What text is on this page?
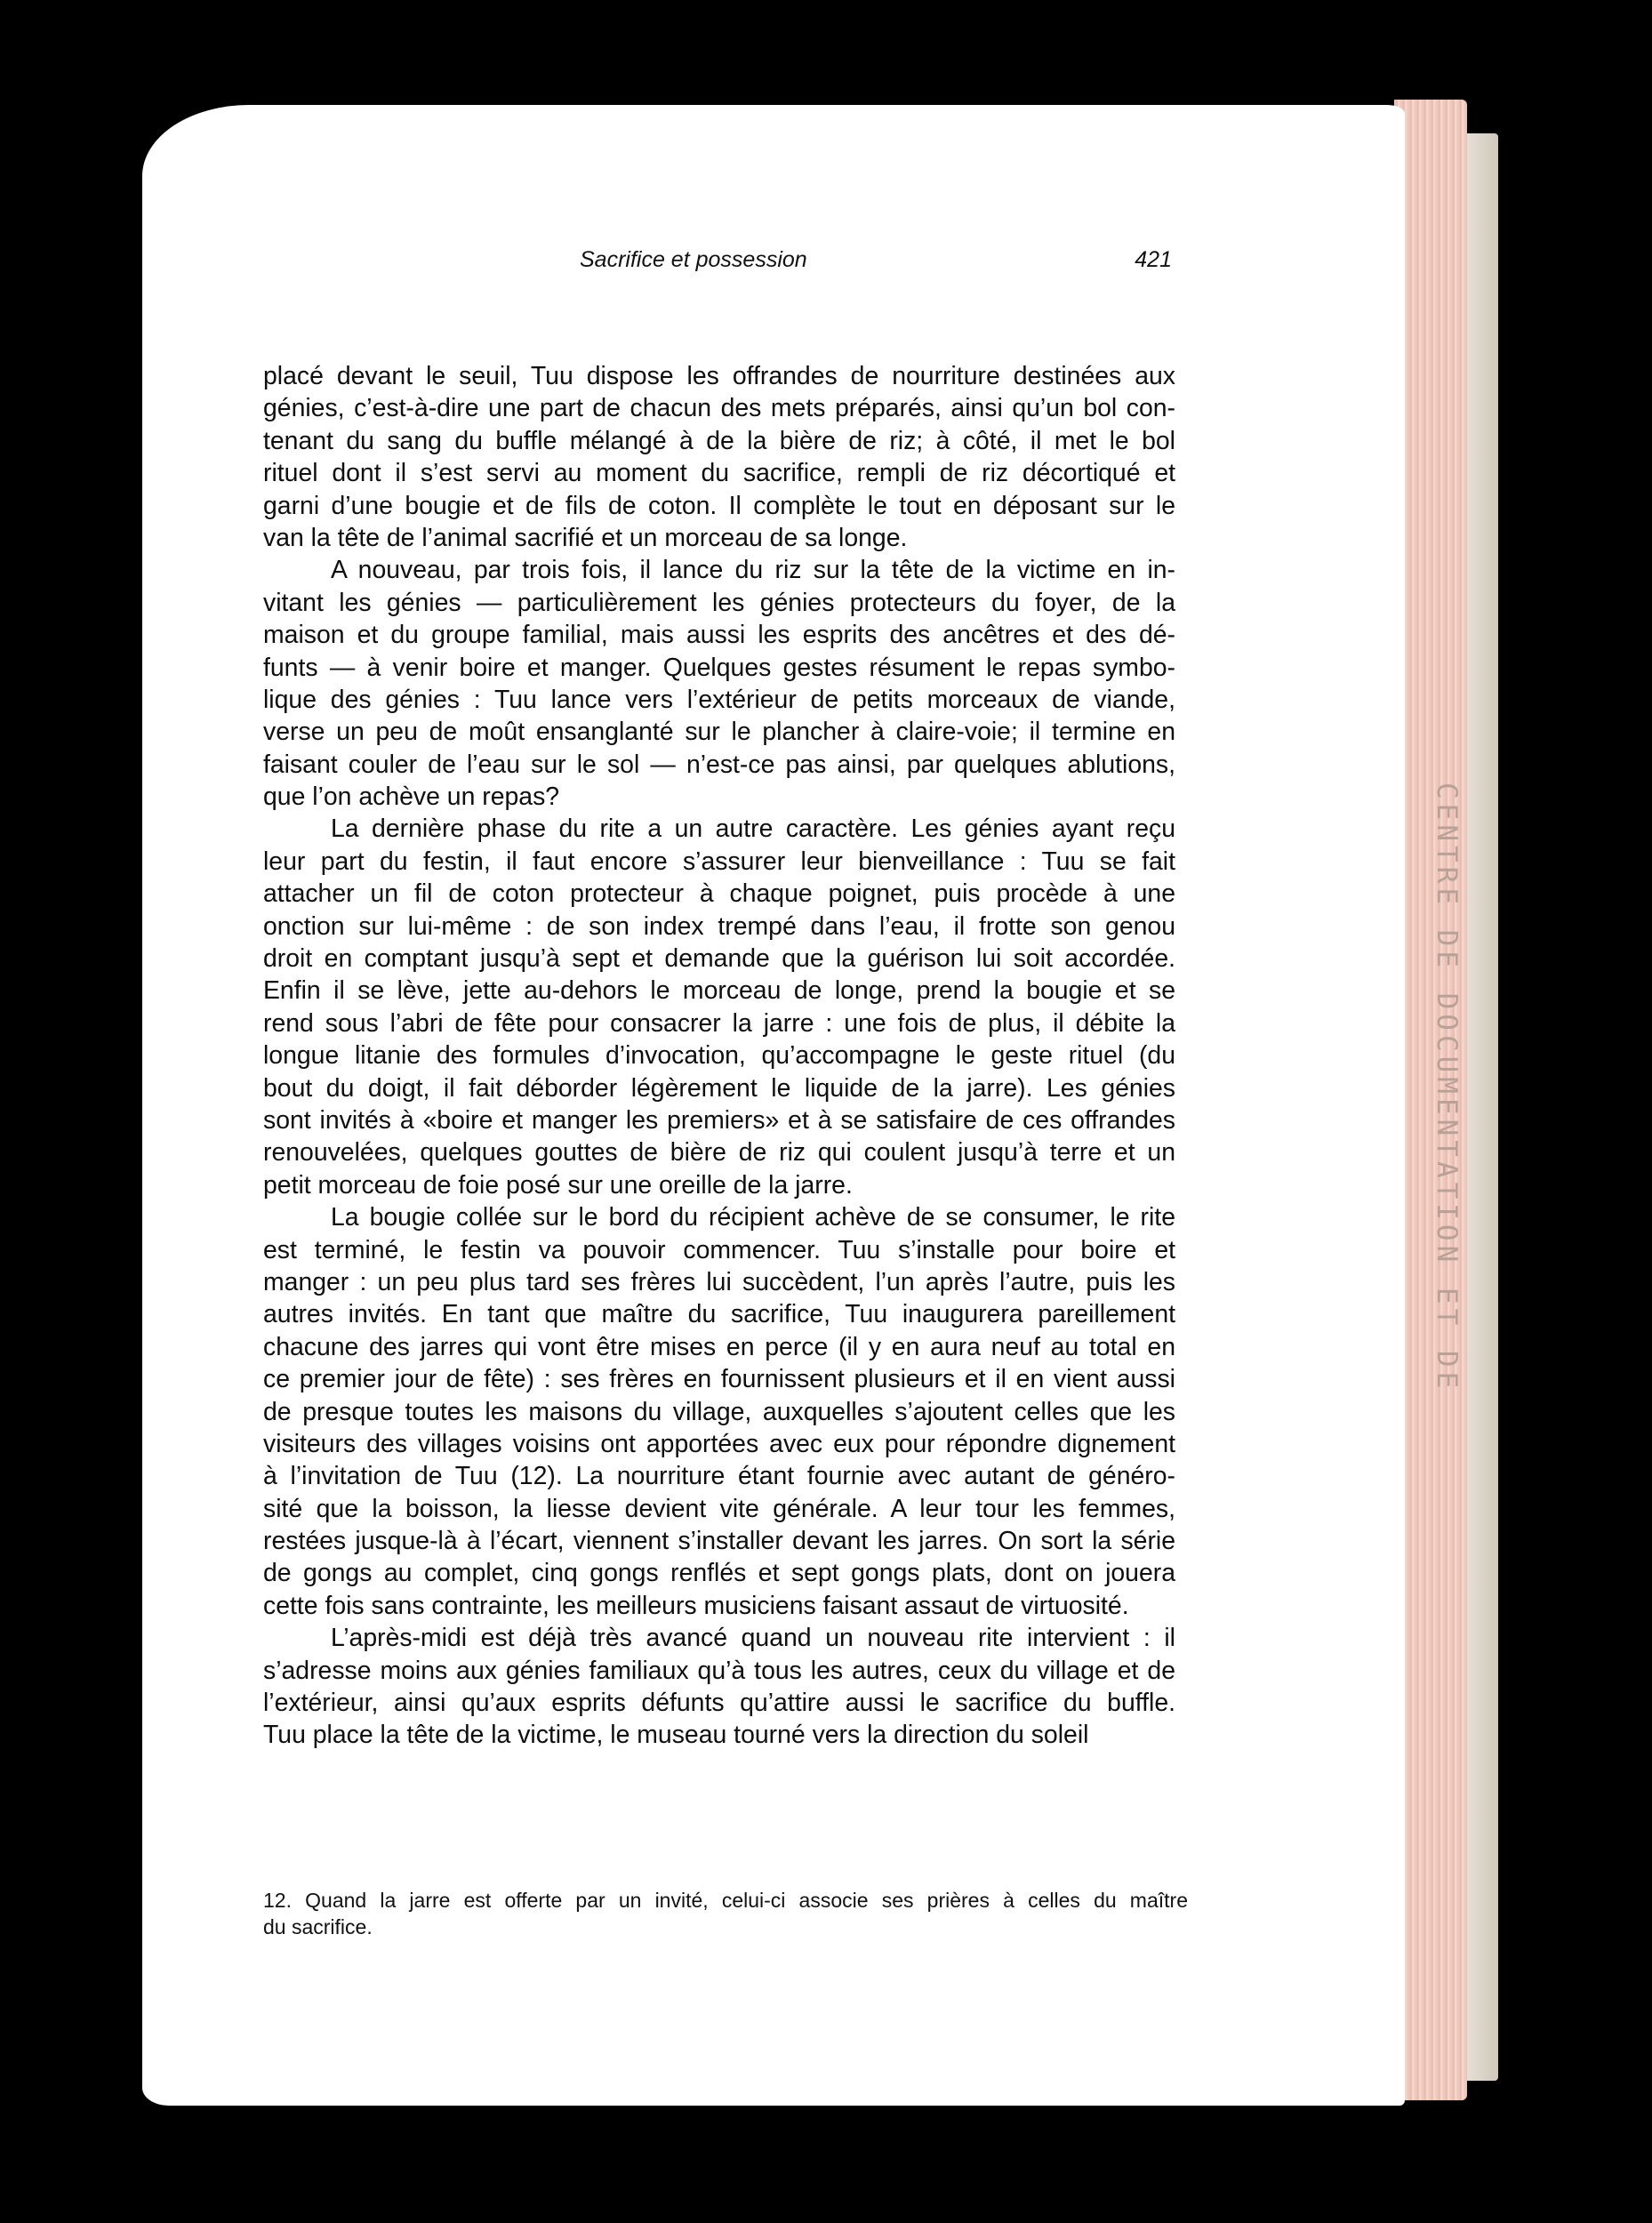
CENTRE DE DOCUMENTATION ET DE
Sacrifice et possession	421
placé devant le seuil, Tuu dispose les offrandes de nourriture destinées aux
génies, c’est-à-dire une part de chacun des mets préparés, ainsi qu’un bol con-
tenant du sang du buffle mélangé à de la bière de riz; à côté, il met le bol
rituel dont il s’est servi au moment du sacrifice, rempli de riz décortiqué et
garni d’une bougie et de fils de coton. Il complète le tout en déposant sur le
van la tête de l’animal sacrifié et un morceau de sa longe.
A nouveau, par trois fois, il lance du riz sur la tête de la victime en in-
vitant les génies — particulièrement les génies protecteurs du foyer, de la
maison et du groupe familial, mais aussi les esprits des ancêtres et des dé-
funts — à venir boire et manger. Quelques gestes résument le repas symbo-
lique des génies : Tuu lance vers l’extérieur de petits morceaux de viande,
verse un peu de moût ensanglanté sur le plancher à claire-voie; il termine en
faisant couler de l’eau sur le sol — n’est-ce pas ainsi, par quelques ablutions,
que l’on achève un repas?
La dernière phase du rite a un autre caractère. Les génies ayant reçu
leur part du festin, il faut encore s’assurer leur bienveillance : Tuu se fait
attacher un fil de coton protecteur à chaque poignet, puis procède à une
onction sur lui-même : de son index trempé dans l’eau, il frotte son genou
droit en comptant jusqu’à sept et demande que la guérison lui soit accordée.
Enfin il se lève, jette au-dehors le morceau de longe, prend la bougie et se
rend sous l’abri de fête pour consacrer la jarre : une fois de plus, il débite la
longue litanie des formules d’invocation, qu’accompagne le geste rituel (du
bout du doigt, il fait déborder légèrement le liquide de la jarre). Les génies
sont invités à «boire et manger les premiers» et à se satisfaire de ces offrandes
renouvelées, quelques gouttes de bière de riz qui coulent jusqu’à terre et un
petit morceau de foie posé sur une oreille de la jarre.
La bougie collée sur le bord du récipient achève de se consumer, le rite
est terminé, le festin va pouvoir commencer. Tuu s’installe pour boire et
manger : un peu plus tard ses frères lui succèdent, l’un après l’autre, puis les
autres invités. En tant que maître du sacrifice, Tuu inaugurera pareillement
chacune des jarres qui vont être mises en perce (il y en aura neuf au total en
ce premier jour de fête) : ses frères en fournissent plusieurs et il en vient aussi
de presque toutes les maisons du village, auxquelles s’ajoutent celles que les
visiteurs des villages voisins ont apportées avec eux pour répondre dignement
à l’invitation de Tuu (12). La nourriture étant fournie avec autant de généro-
sité que la boisson, la liesse devient vite générale. A leur tour les femmes,
restées jusque-là à l’écart, viennent s’installer devant les jarres. On sort la série
de gongs au complet, cinq gongs renflés et sept gongs plats, dont on jouera
cette fois sans contrainte, les meilleurs musiciens faisant assaut de virtuosité.
L’après-midi est déjà très avancé quand un nouveau rite intervient : il
s’adresse moins aux génies familiaux qu’à tous les autres, ceux du village et de
l’extérieur, ainsi qu’aux esprits défunts qu’attire aussi le sacrifice du buffle.
Tuu place la tête de la victime, le museau tourné vers la direction du soleil
12. Quand la jarre est offerte par un invité, celui-ci associe ses prières à celles du maître
du sacrifice.
